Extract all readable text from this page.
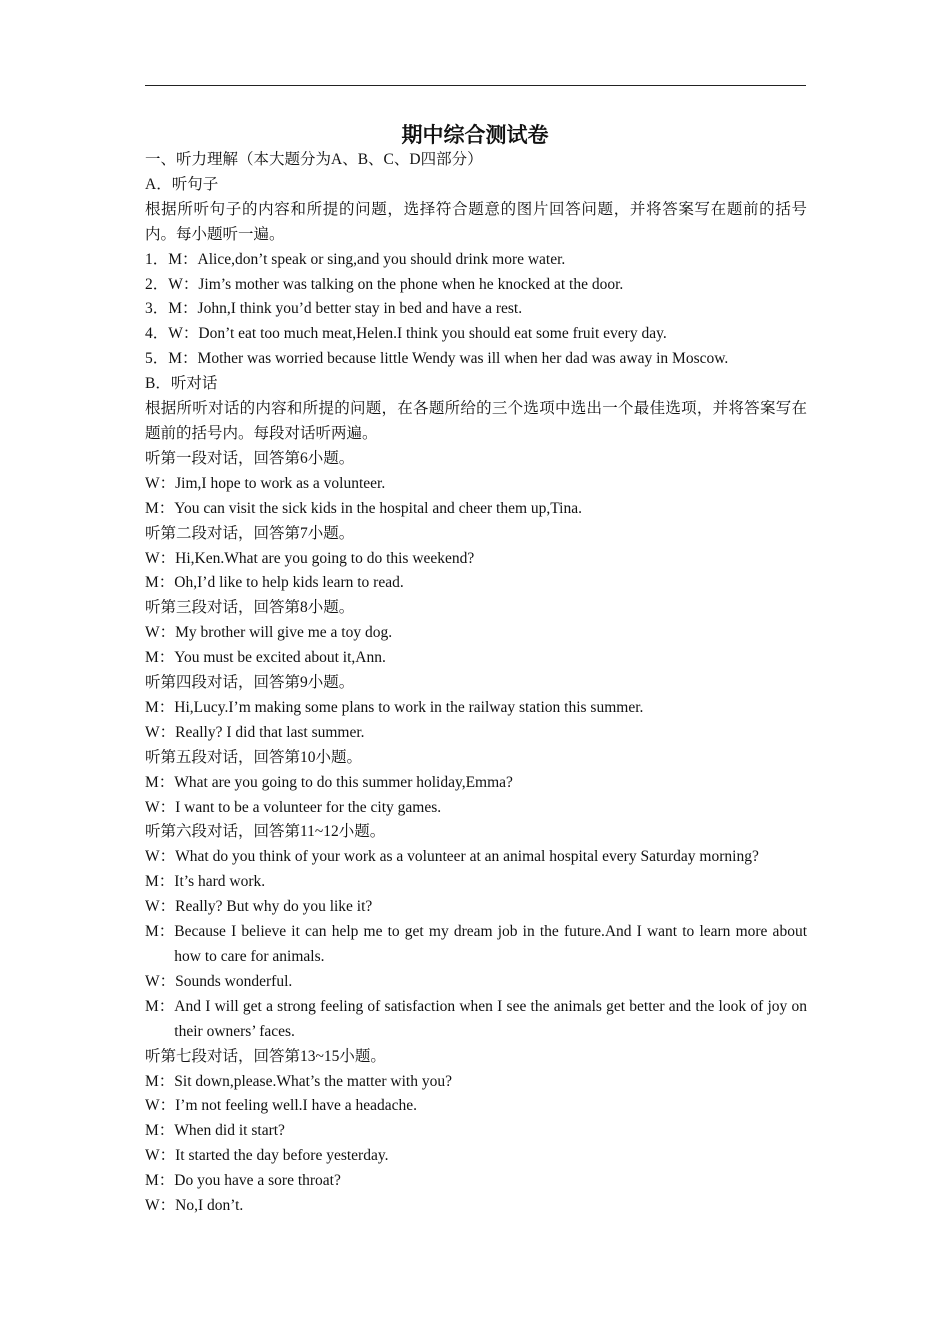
期中综合测试卷
一、听力理解（本大题分为A、B、C、D四部分）
A．听句子
根据所听句子的内容和所提的问题，选择符合题意的图片回答问题，并将答案写在题前的括号内。每小题听一遍。
1．M：Alice,don’t speak or sing,and you should drink more water.
2．W：Jim’s mother was talking on the phone when he knocked at the door.
3．M：John,I think you’d better stay in bed and have a rest.
4．W：Don’t eat too much meat,Helen.I think you should eat some fruit every day.
5．M：Mother was worried because little Wendy was ill when her dad was away in Moscow.
B．听对话
根据所听对话的内容和所提的问题，在各题所给的三个选项中选出一个最佳选项，并将答案写在题前的括号内。每段对话听两遍。
听第一段对话，回答第6小题。
W： Jim,I hope to work as a volunteer.
M： You can visit the sick kids in the hospital and cheer them up,Tina.
听第二段对话，回答第7小题。
W： Hi,Ken.What are you going to do this weekend?
M： Oh,I’d like to help kids learn to read.
听第三段对话，回答第8小题。
W： My brother will give me a toy dog.
M： You must be excited about it,Ann.
听第四段对话，回答第9小题。
M： Hi,Lucy.I’m making some plans to work in the railway station this summer.
W： Really? I did that last summer.
听第五段对话，回答第10小题。
M： What are you going to do this summer holiday,Emma?
W： I want to be a volunteer for the city games.
听第六段对话，回答第11~12小题。
W： What do you think of your work as a volunteer at an animal hospital every Saturday morning?
M： It’s hard work.
W： Really? But why do you like it?
M： Because I believe it can help me to get my dream job in the future.And I want to learn more about how to care for animals.
W： Sounds wonderful.
M： And I will get a strong feeling of satisfaction when I see the animals get better and the look of joy on their owners’ faces.
听第七段对话，回答第13~15小题。
M： Sit down,please.What’s the matter with you?
W： I’m not feeling well.I have a headache.
M： When did it start?
W： It started the day before yesterday.
M： Do you have a sore throat?
W： No,I don’t.
